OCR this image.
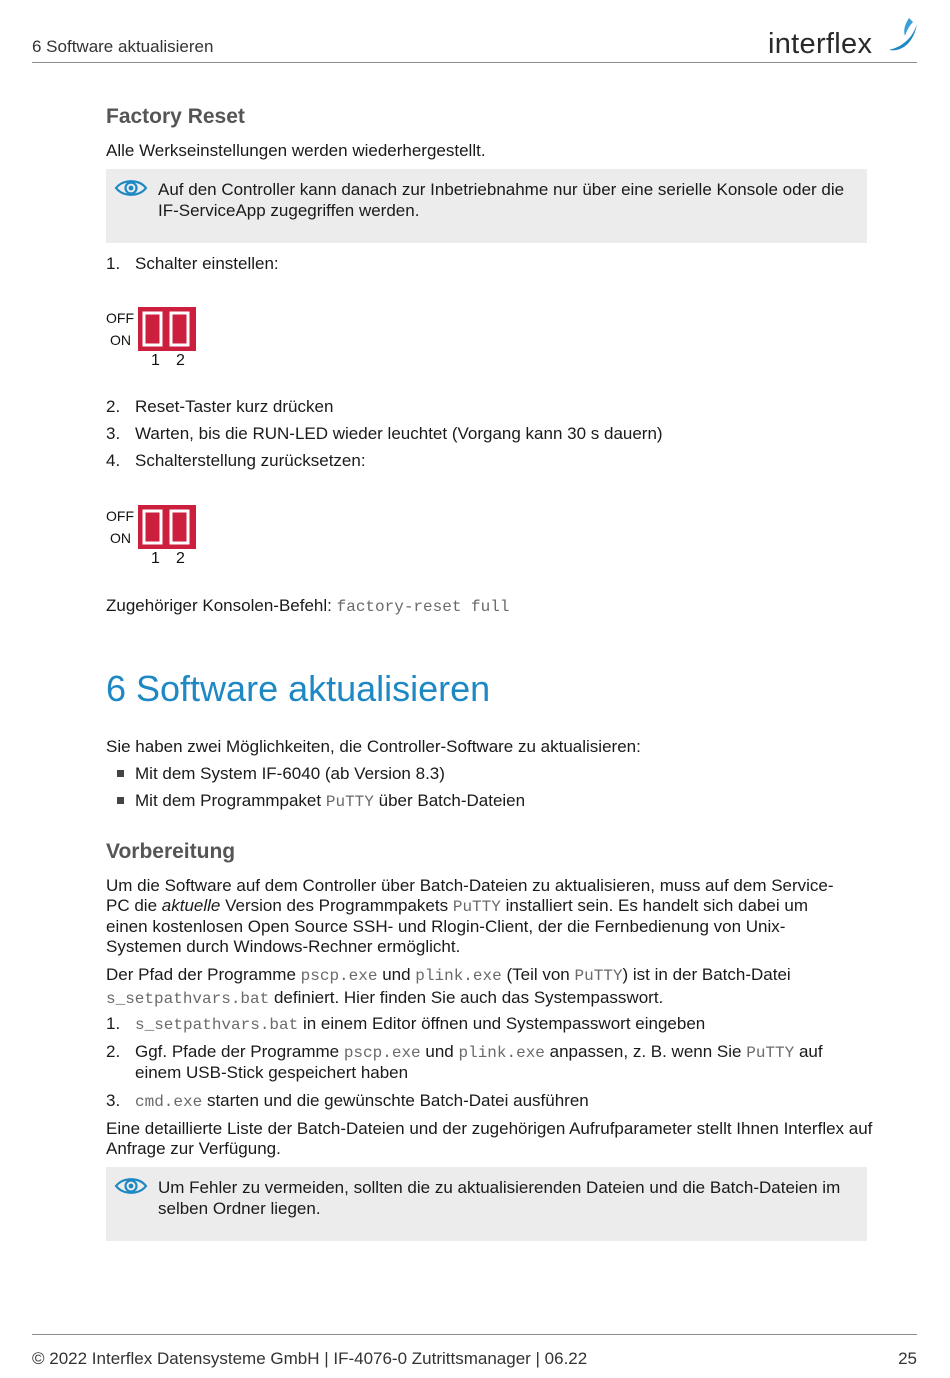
6 Software aktualisieren	interflex
Factory Reset
Alle Werkseinstellungen werden wiederhergestellt.
Auf den Controller kann danach zur Inbetriebnahme nur über eine serielle Konsole oder die IF-ServiceApp zugegriffen werden.
1. Schalter einstellen:
OFF
ON
1 2
2. Reset-Taster kurz drücken
3. Warten, bis die RUN-LED wieder leuchtet (Vorgang kann 30 s dauern)
4. Schalterstellung zurücksetzen:
OFF
ON
1 2
Zugehöriger Konsolen-Befehl: factory-reset full
6 Software aktualisieren
Sie haben zwei Möglichkeiten, die Controller-Software zu aktualisieren:
Mit dem System IF-6040 (ab Version 8.3)
Mit dem Programmpaket PuTTY über Batch-Dateien
Vorbereitung
Um die Software auf dem Controller über Batch-Dateien zu aktualisieren, muss auf dem Service-
PC die aktuelle Version des Programmpakets PuTTY installiert sein. Es handelt sich dabei um
einen kostenlosen Open Source SSH- und Rlogin-Client, der die Fernbedienung von Unix-
Systemen durch Windows-Rechner ermöglicht.
Der Pfad der Programme pscp.exe und plink.exe (Teil von PuTTY) ist in der Batch-Datei
s_setpathvars.bat definiert. Hier finden Sie auch das Systempasswort.
1. s_setpathvars.bat in einem Editor öffnen und Systempasswort eingeben
2. Ggf. Pfade der Programme pscp.exe und plink.exe anpassen, z. B. wenn Sie PuTTY auf
einem USB-Stick gespeichert haben
3. cmd.exe starten und die gewünschte Batch-Datei ausführen
Eine detaillierte Liste der Batch-Dateien und der zugehörigen Aufrufparameter stellt Ihnen Interflex auf Anfrage zur Verfügung.
Um Fehler zu vermeiden, sollten die zu aktualisierenden Dateien und die Batch-Dateien im selben Ordner liegen.
© 2022 Interflex Datensysteme GmbH | IF-4076-0 Zutrittsmanager | 06.22	25
